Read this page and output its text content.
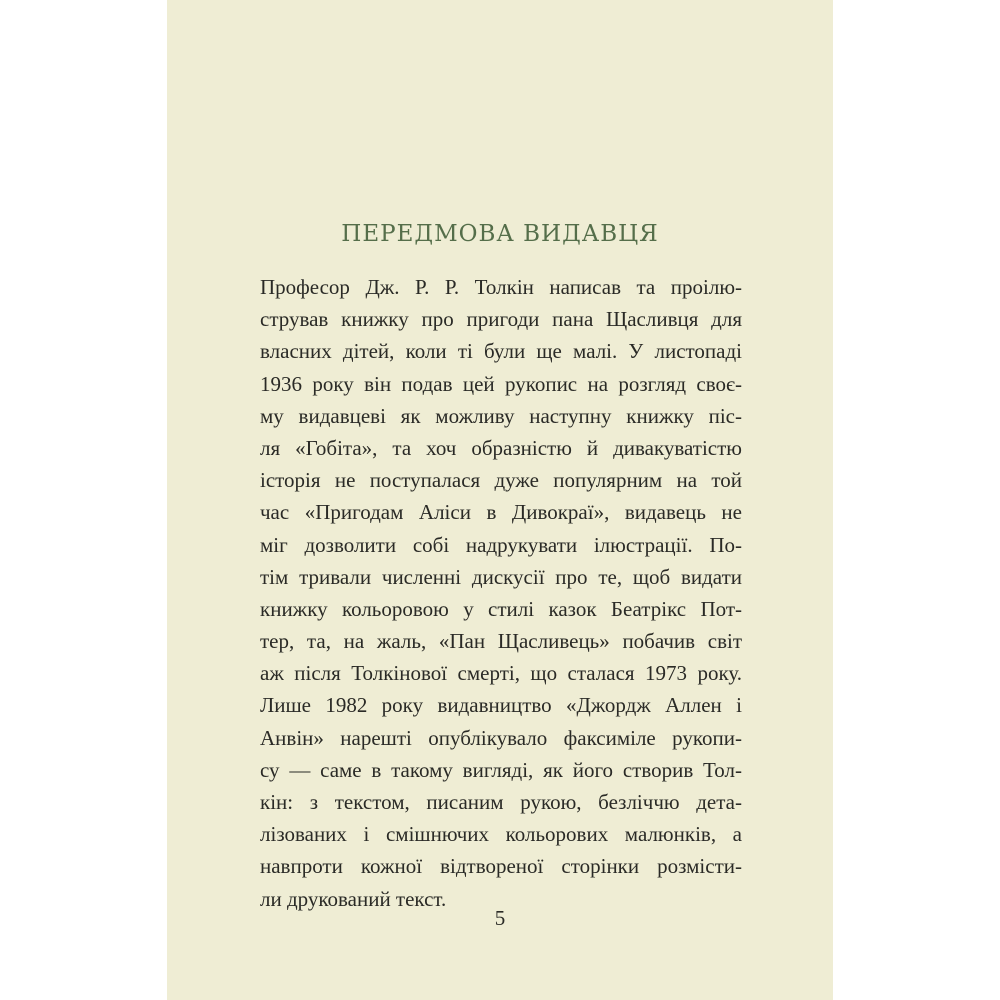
ПЕРЕДМОВА ВИДАВЦЯ
Професор Дж. Р. Р. Толкін написав та проілю-
стрував книжку про пригоди пана Щасливця для
власних дітей, коли ті були ще малі. У листопаді
1936 року він подав цей рукопис на розгляд своє-
му видавцеві як можливу наступну книжку піс-
ля «Гобіта», та хоч образністю й дивакуватістю
історія не поступалася дуже популярним на той
час «Пригодам Аліси в Дивокраї», видавець не
міг дозволити собі надрукувати ілюстрації. По-
тім тривали численні дискусії про те, щоб видати
книжку кольоровою у стилі казок Беатрікс Пот-
тер, та, на жаль, «Пан Щасливець» побачив світ
аж після Толкінової смерті, що сталася 1973 року.
Лише 1982 року видавництво «Джордж Аллен і
Анвін» нарешті опублікувало факсиміле рукопи-
су — саме в такому вигляді, як його створив Тол-
кін: з текстом, писаним рукою, безліччю дета-
лізованих і смішнючих кольорових малюнків, а
навпроти кожної відтвореної сторінки розмісти-
ли друкований текст.
5
